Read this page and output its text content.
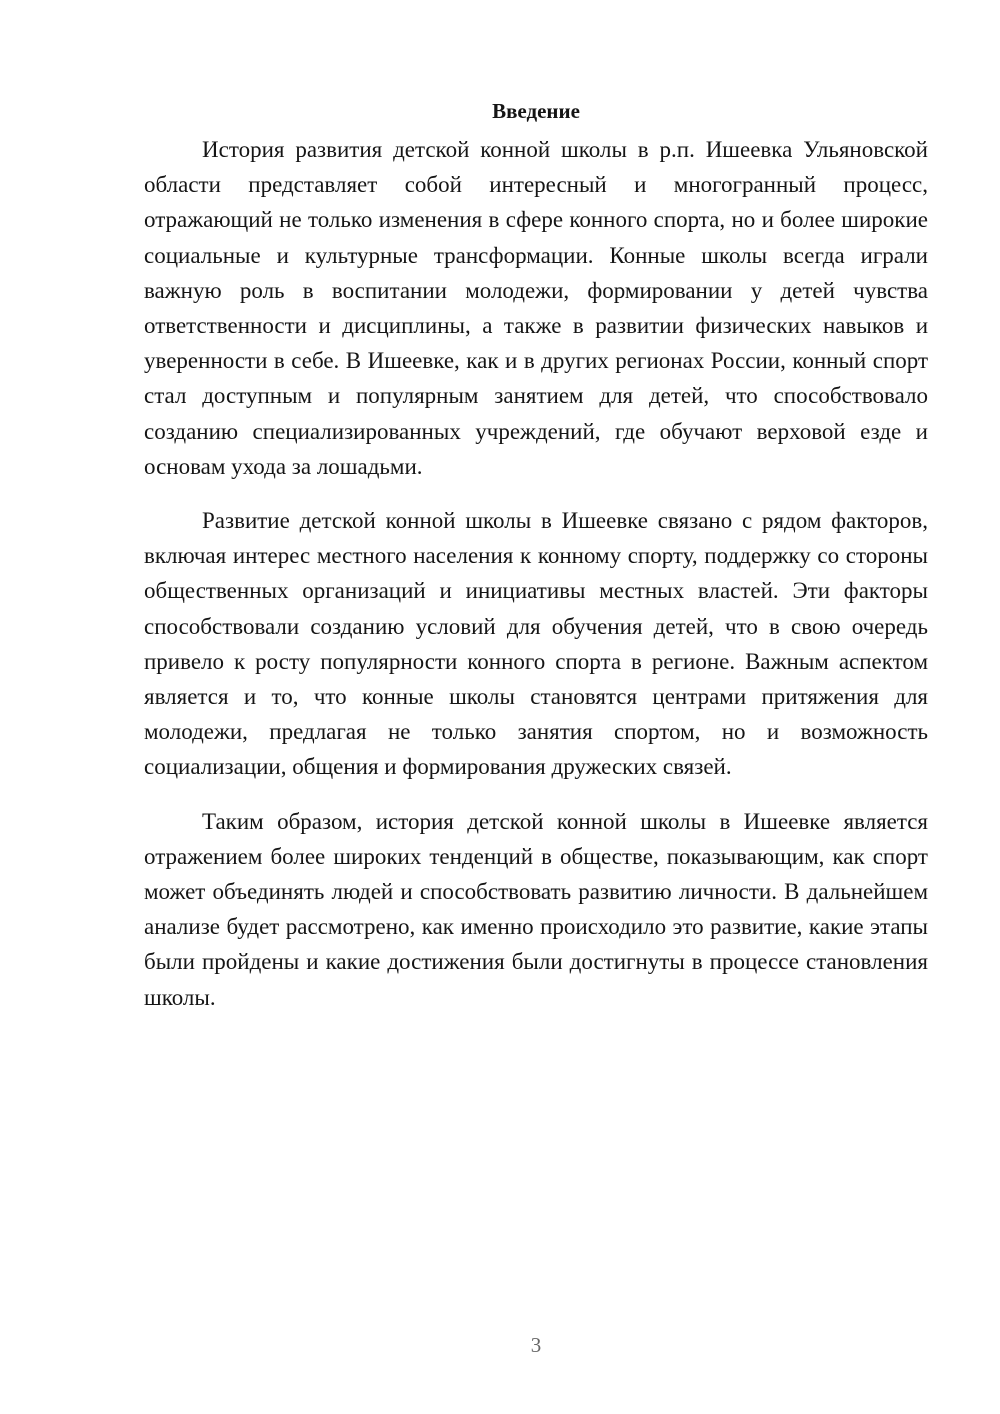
Введение

История развития детской конной школы в р.п. Ишеевка Ульяновской области представляет собой интересный и многогранный процесс, отражающий не только изменения в сфере конного спорта, но и более широкие социальные и культурные трансформации. Конные школы всегда играли важную роль в воспитании молодежи, формировании у детей чувства ответственности и дисциплины, а также в развитии физических навыков и уверенности в себе. В Ишеевке, как и в других регионах России, конный спорт стал доступным и популярным занятием для детей, что способствовало созданию специализированных учреждений, где обучают верховой езде и основам ухода за лошадьми.

Развитие детской конной школы в Ишеевке связано с рядом факторов, включая интерес местного населения к конному спорту, поддержку со стороны общественных организаций и инициативы местных властей. Эти факторы способствовали созданию условий для обучения детей, что в свою очередь привело к росту популярности конного спорта в регионе. Важным аспектом является и то, что конные школы становятся центрами притяжения для молодежи, предлагая не только занятия спортом, но и возможность социализации, общения и формирования дружеских связей.

Таким образом, история детской конной школы в Ишеевке является отражением более широких тенденций в обществе, показывающим, как спорт может объединять людей и способствовать развитию личности. В дальнейшем анализе будет рассмотрено, как именно происходило это развитие, какие этапы были пройдены и какие достижения были достигнуты в процессе становления школы.

3
